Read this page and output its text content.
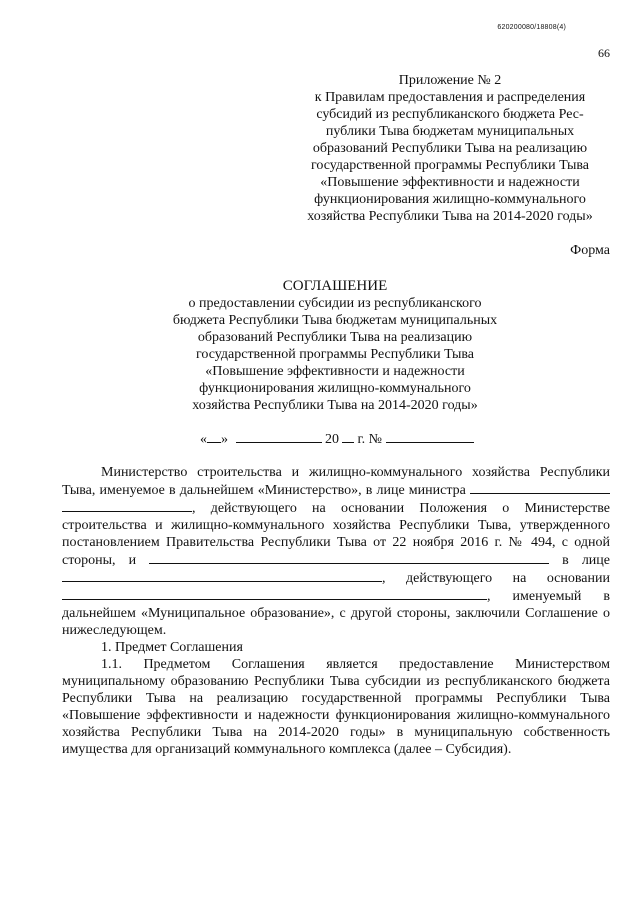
620200080/18808(4)
66
Приложение № 2
к Правилам предоставления и распределения
субсидий из республиканского бюджета Рес-
публики Тыва бюджетам муниципальных
образований Республики Тыва на реализацию
государственной программы Республики Тыва
«Повышение эффективности и надежности
функционирования жилищно-коммунального
хозяйства Республики Тыва на 2014-2020 годы»
Форма
СОГЛАШЕНИЕ
о предоставлении субсидии из республиканского
бюджета Республики Тыва бюджетам муниципальных
образований Республики Тыва на реализацию
государственной программы Республики Тыва
«Повышение эффективности и надежности
функционирования жилищно-коммунального
хозяйства Республики Тыва на 2014-2020 годы»
« »	20 г. №

Министерство строительства и жилищно-коммунального хозяйства Республики Тыва, именуемое в дальнейшем «Министерство», в лице министра  , действующего на основании Положения о Министерстве строительства и жилищно-коммунального хозяйства Республики Тыва, утвержденного постановлением Правительства Республики Тыва от 22 ноября 2016 г. № 494, с одной стороны, и	в лице , действующего на основании , именуемый в дальнейшем «Муниципальное образование», с другой стороны, заключили Соглашение о нижеследующем.

1. Предмет Соглашения

1.1. Предметом Соглашения является предоставление Министерством муниципальному образованию Республики Тыва субсидии из республиканского бюджета Республики Тыва на реализацию государственной программы Республики Тыва «Повышение эффективности и надежности функционирования жилищно-коммунального хозяйства Республики Тыва на 2014-2020 годы» в муниципальную собственность имущества для организаций коммунального комплекса (далее – Субсидия).
